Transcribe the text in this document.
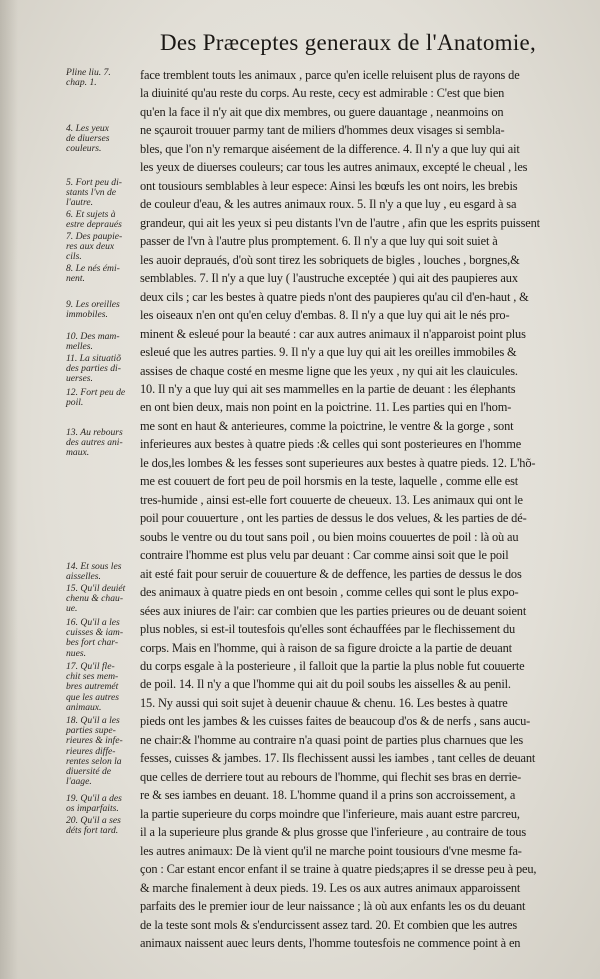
Des Præceptes generaux de l'Anatomie,
Pline liu. 7.
chap. 1.
4. Les yeux
de diuerses
couleurs.
5. Fort peu di-
stants l'vn de
l'autre.
6. Et sujets à
estre depraués
7. Des paupie-
res aux deux
cils.
8. Le nés émi-
nent.
9. Les oreilles
immobiles.
10. Des mam-
melles.
11. La situatiõ
des parties di-
uerses.
12. Fort peu de
poil.
13. Au rebours
des autres ani-
maux.
14. Et sous les
aisselles.
15. Qu'il deuiét
chenu & chau-
ue.
16. Qu'il a les
cuisses & iam-
bes fort char-
nues.
17. Qu'il fle-
chit ses mem-
bres autremét
que les autres
animaux.
18. Qu'il a les
parties supe-
rieures & infe-
rieures diffe-
rentes selon la
diuersité de
l'aage.
19. Qu'il a des
os imparfaits.
20. Qu'il a ses
déts fort tard.
face tremblent touts les animaux , parce qu'en icelle reluisent plus de rayons de
la diuinité qu'au reste du corps. Au reste, cecy est admirable : C'est que bien
qu'en la face il n'y ait que dix membres, ou guere dauantage , neanmoins on
ne sçauroit trouuer parmy tant de miliers d'hommes deux visages si sembla-
bles, que l'on n'y remarque aiséement de la difference. 4. Il n'y a que luy qui ait
les yeux de diuerses couleurs; car tous les autres animaux, excepté le cheual , les
ont tousiours semblables à leur espece: Ainsi les bœufs les ont noirs, les brebis
de couleur d'eau, & les autres animaux roux. 5. Il n'y a que luy , eu esgard à sa
grandeur, qui ait les yeux si peu distants l'vn de l'autre , afin que les esprits puissent
passer de l'vn à l'autre plus promptement. 6. Il n'y a que luy qui soit suiet à
les auoir depraués, d'où sont tirez les sobriquets de bigles , louches , borgnes,&
semblables. 7. Il n'y a que luy ( l'austruche exceptée ) qui ait des paupieres aux
deux cils ; car les bestes à quatre pieds n'ont des paupieres qu'au cil d'en-haut , &
les oiseaux n'en ont qu'en celuy d'embas. 8. Il n'y a que luy qui ait le nés pro-
minent & esleué pour la beauté : car aux autres animaux il n'apparoist point plus
esleué que les autres parties. 9. Il n'y a que luy qui ait les oreilles immobiles &
assises de chaque costé en mesme ligne que les yeux , ny qui ait les clauicules.
10. Il n'y a que luy qui ait ses mammelles en la partie de deuant : les élephants
en ont bien deux, mais non point en la poictrine. 11. Les parties qui en l'hom-
me sont en haut & anterieures, comme la poictrine, le ventre & la gorge , sont
inferieures aux bestes à quatre pieds :& celles qui sont posterieures en l'homme
le dos,les lombes & les fesses sont superieures aux bestes à quatre pieds. 12. L'hõ-
me est couuert de fort peu de poil horsmis en la teste, laquelle , comme elle est
tres-humide , ainsi est-elle fort couuerte de cheueux. 13. Les animaux qui ont le
poil pour couuerture , ont les parties de dessus le dos velues, & les parties de dé-
soubs le ventre ou du tout sans poil , ou bien moins couuertes de poil : là où au
contraire l'homme est plus velu par deuant : Car comme ainsi soit que le poil
ait esté fait pour seruir de couuerture & de deffence, les parties de dessus le dos
des animaux à quatre pieds en ont besoin , comme celles qui sont le plus expo-
sées aux iniures de l'air: car combien que les parties prieures ou de deuant soient
plus nobles, si est-il toutesfois qu'elles sont échauffées par le flechissement du
corps. Mais en l'homme, qui à raison de sa figure droicte a la partie de deuant
du corps esgale à la posterieure , il falloit que la partie la plus noble fut couuerte
de poil. 14. Il n'y a que l'homme qui ait du poil soubs les aisselles & au penil.
15. Ny aussi qui soit sujet à deuenir chauue & chenu. 16. Les bestes à quatre
pieds ont les jambes & les cuisses faites de beaucoup d'os & de nerfs , sans aucu-
ne chair:& l'homme au contraire n'a quasi point de parties plus charnues que les
fesses, cuisses & jambes. 17. Ils flechissent aussi les iambes , tant celles de deuant
que celles de derriere tout au rebours de l'homme, qui flechit ses bras en derrie-
re & ses iambes en deuant. 18. L'homme quand il a prins son accroissement, a
la partie superieure du corps moindre que l'inferieure, mais auant estre parcreu,
il a la superieure plus grande & plus grosse que l'inferieure , au contraire de tous
les autres animaux: De là vient qu'il ne marche point tousiours d'vne mesme fa-
çon : Car estant encor enfant il se traine à quatre pieds;apres il se dresse peu à peu,
& marche finalement à deux pieds. 19. Les os aux autres animaux apparoissent
parfaits des le premier iour de leur naissance ; là où aux enfants les os du deuant
de la teste sont mols & s'endurcissent assez tard. 20. Et combien que les autres
animaux naissent auec leurs dents, l'homme toutesfois ne commence point à en
